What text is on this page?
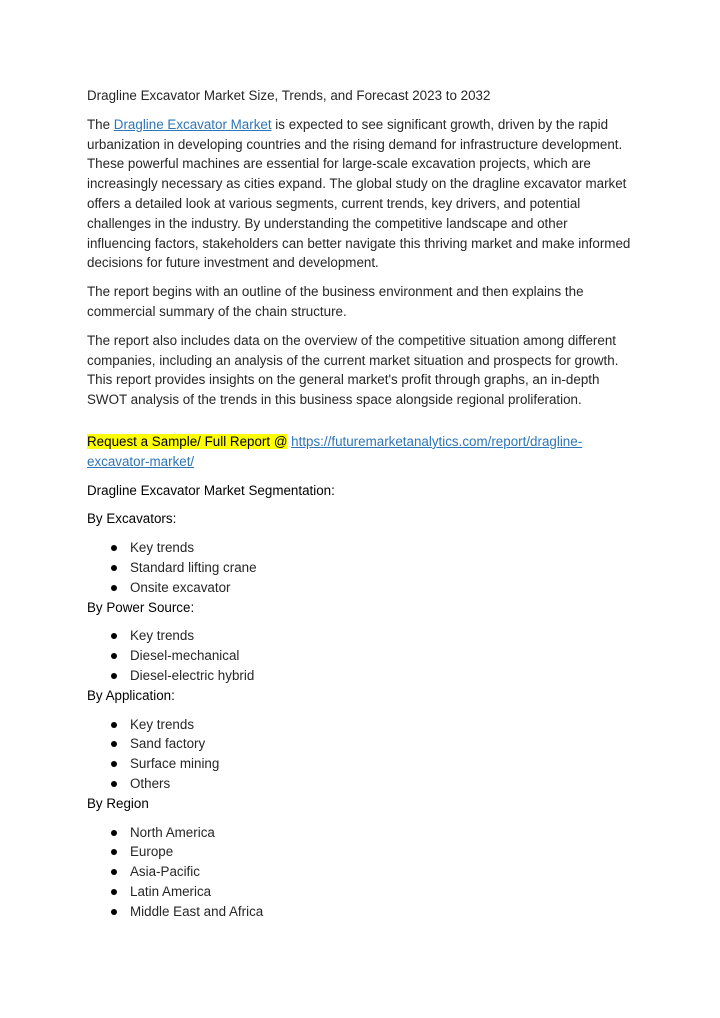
Dragline Excavator Market Size, Trends, and Forecast 2023 to 2032

The Dragline Excavator Market is expected to see significant growth, driven by the rapid urbanization in developing countries and the rising demand for infrastructure development. These powerful machines are essential for large-scale excavation projects, which are increasingly necessary as cities expand. The global study on the dragline excavator market offers a detailed look at various segments, current trends, key drivers, and potential challenges in the industry. By understanding the competitive landscape and other influencing factors, stakeholders can better navigate this thriving market and make informed decisions for future investment and development.

The report begins with an outline of the business environment and then explains the commercial summary of the chain structure.

The report also includes data on the overview of the competitive situation among different companies, including an analysis of the current market situation and prospects for growth. This report provides insights on the general market's profit through graphs, an in-depth SWOT analysis of the trends in this business space alongside regional proliferation.

Request a Sample/ Full Report @ https://futuremarketanalytics.com/report/dragline-excavator-market/

Dragline Excavator Market Segmentation:

By Excavators:

Key trends
Standard lifting crane
Onsite excavator

By Power Source:

Key trends
Diesel-mechanical
Diesel-electric hybrid

By Application:

Key trends
Sand factory
Surface mining
Others

By Region

North America
Europe
Asia-Pacific
Latin America
Middle East and Africa
